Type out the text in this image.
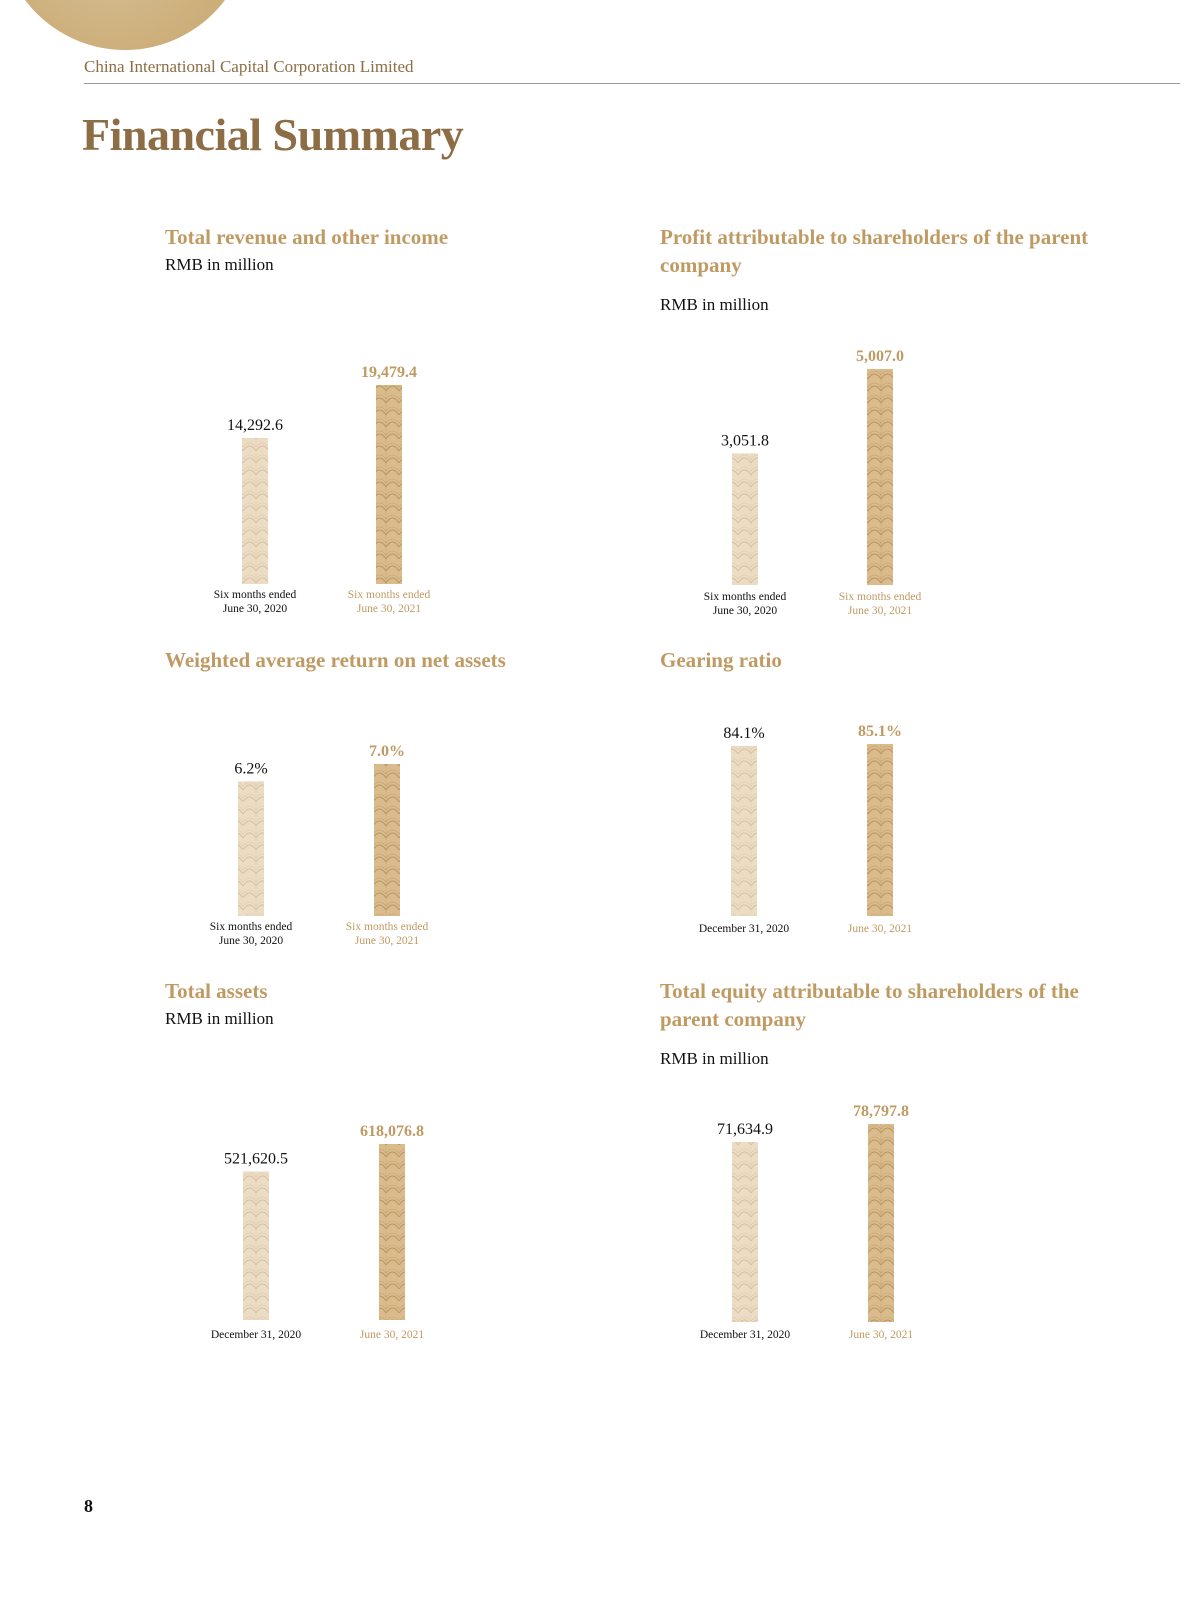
China International Capital Corporation Limited
Financial Summary
Total revenue and other income
RMB in million
14,292.6
Six months ended
June 30, 2020
19,479.4
Six months ended
June 30, 2021
Profit attributable to shareholders of the parent company
RMB in million
3,051.8
Six months ended
June 30, 2020
5,007.0
Six months ended
June 30, 2021
Weighted average return on net assets
6.2%
Six months ended
June 30, 2020
7.0%
Six months ended
June 30, 2021
Gearing ratio
84.1%
December 31, 2020
85.1%
June 30, 2021
Total assets
RMB in million
521,620.5
December 31, 2020
618,076.8
June 30, 2021
Total equity attributable to shareholders of the parent company
RMB in million
71,634.9
December 31, 2020
78,797.8
June 30, 2021
8
